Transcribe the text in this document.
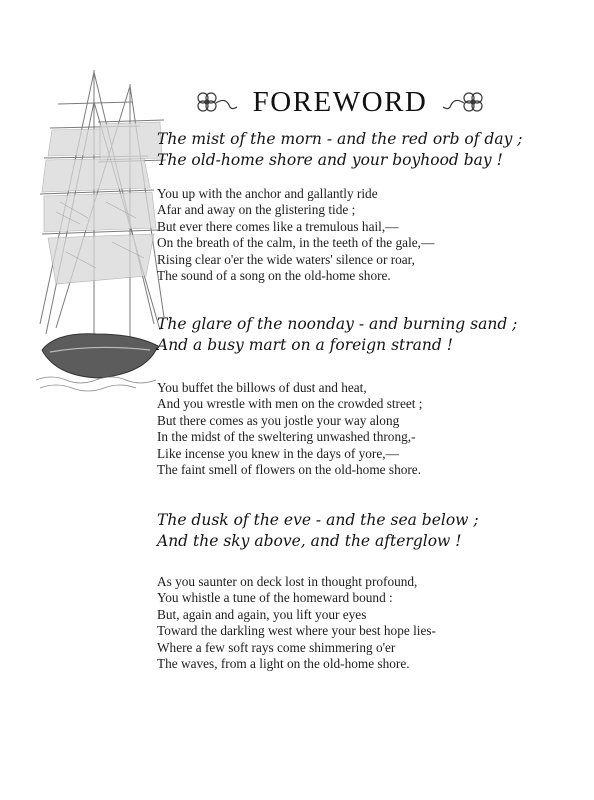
FOREWORD
The mist of the morn - and the red orb of day ;
The old-home shore and your boyhood bay !
You up with the anchor and gallantly ride
Afar and away on the glistering tide ;
But ever there comes like a tremulous hail,—
On the breath of the calm, in the teeth of the gale,—
Rising clear o'er the wide waters' silence or roar,
The sound of a song on the old-home shore.
The glare of the noonday - and burning sand ;
And a busy mart on a foreign strand !
You buffet the billows of dust and heat,
And you wrestle with men on the crowded street ;
But there comes as you jostle your way along
In the midst of the sweltering unwashed throng,-
Like incense you knew in the days of yore,—
The faint smell of flowers on the old-home shore.
The dusk of the eve - and the sea below ;
And the sky above, and the afterglow !
As you saunter on deck lost in thought profound,
You whistle a tune of the homeward bound :
But, again and again, you lift your eyes
Toward the darkling west where your best hope lies-
Where a few soft rays come shimmering o'er
The waves, from a light on the old-home shore.
